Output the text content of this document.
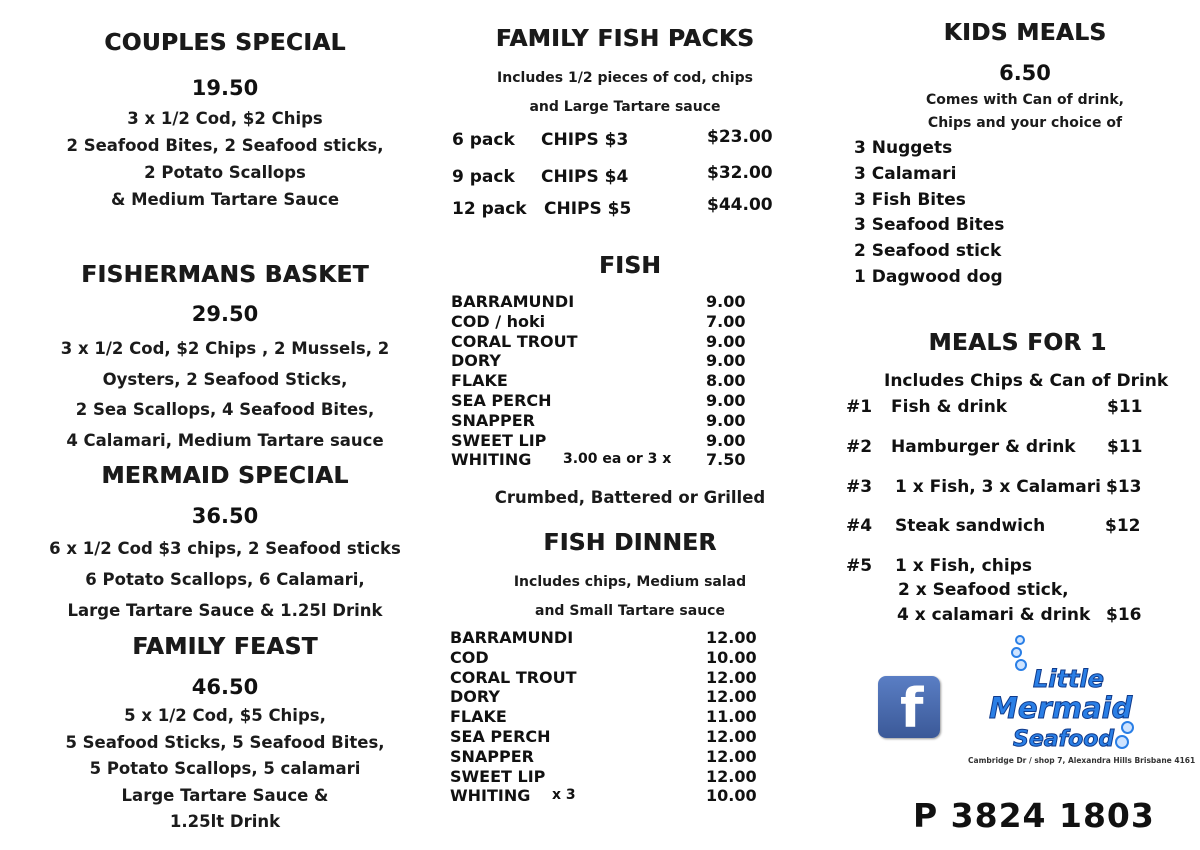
COUPLES SPECIAL
19.50
3 x 1/2 Cod, $2 Chips
2 Seafood Bites, 2 Seafood sticks,
2 Potato Scallops
& Medium Tartare Sauce
FISHERMANS BASKET
29.50
3 x 1/2 Cod, $2 Chips , 2 Mussels, 2
Oysters, 2 Seafood Sticks,
2 Sea Scallops, 4 Seafood Bites,
4 Calamari, Medium Tartare sauce
MERMAID SPECIAL
36.50
6 x 1/2 Cod $3 chips, 2 Seafood sticks
6 Potato Scallops, 6 Calamari,
Large Tartare Sauce & 1.25l Drink
FAMILY FEAST
46.50
5 x 1/2 Cod, $5 Chips,
5 Seafood Sticks, 5 Seafood Bites,
5 Potato Scallops, 5 calamari
Large Tartare Sauce &
1.25lt Drink
FAMILY FISH PACKS
Includes 1/2 pieces of cod, chips
and Large Tartare sauce
6 pack CHIPS $3	$23.00
9 pack CHIPS $4	$32.00
12 pack CHIPS $5	$44.00
FISH
BARRAMUNDI	9.00
COD / hoki	7.00
CORAL TROUT	9.00
DORY	9.00
FLAKE	8.00
SEA PERCH	9.00
SNAPPER	9.00
SWEET LIP	9.00
WHITING 3.00 ea or 3 x 7.50
Crumbed, Battered or Grilled
FISH DINNER
Includes chips, Medium salad
and Small Tartare sauce
BARRAMUNDI	12.00
COD	10.00
CORAL TROUT	12.00
DORY	12.00
FLAKE	11.00
SEA PERCH	12.00
SNAPPER	12.00
SWEET LIP	12.00
WHITING x 3	10.00
KIDS MEALS
6.50
Comes with Can of drink,
Chips and your choice of
3 Nuggets
3 Calamari
3 Fish Bites
3 Seafood Bites
2 Seafood stick
1 Dagwood dog
MEALS FOR 1
Includes Chips & Can of Drink
#1 Fish & drink	$11
#2 Hamburger & drink $11
#3 1 x Fish, 3 x Calamari $13
#4 Steak sandwich	$12
#5 1 x Fish, chips
2 x Seafood stick,
4 x calamari & drink $16
f	Little
Mermaid
Seafood
Cambridge Dr / shop 7, Alexandra Hills Brisbane 4161
P 3824 1803
